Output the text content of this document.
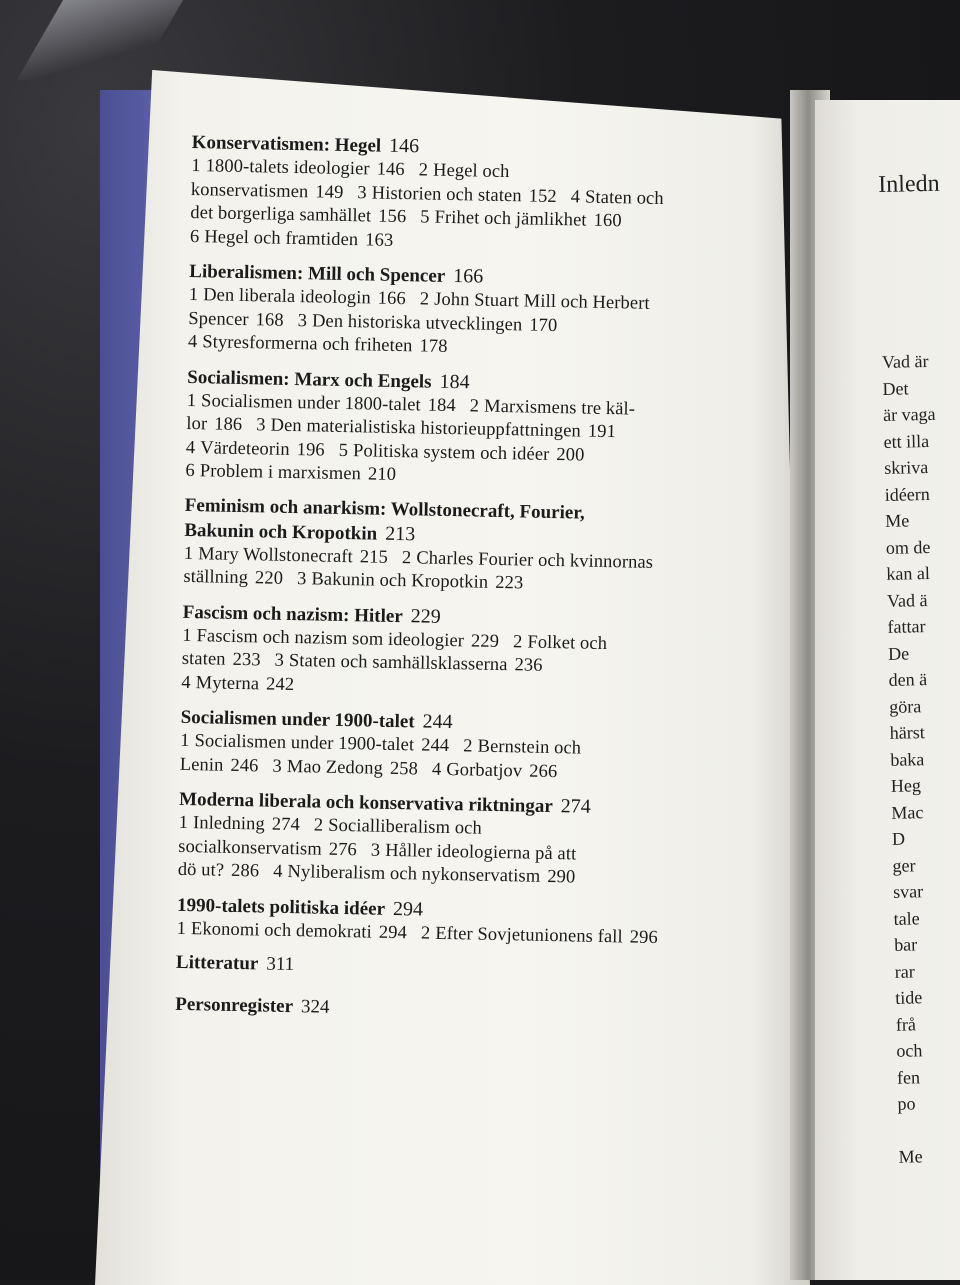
Konservatismen: Hegel 146
1 1800-talets ideologier 146 2 Hegel och
konservatismen 149 3 Historien och staten 152 4 Staten och
det borgerliga samhället 156 5 Frihet och jämlikhet 160
6 Hegel och framtiden 163
Liberalismen: Mill och Spencer 166
1 Den liberala ideologin 166 2 John Stuart Mill och Herbert
Spencer 168 3 Den historiska utvecklingen 170
4 Styresformerna och friheten 178
Socialismen: Marx och Engels 184
1 Socialismen under 1800-talet 184 2 Marxismens tre käl-
lor 186 3 Den materialistiska historieuppfattningen 191
4 Värdeteorin 196 5 Politiska system och idéer 200
6 Problem i marxismen 210
Feminism och anarkism: Wollstonecraft, Fourier,
Bakunin och Kropotkin 213
1 Mary Wollstonecraft 215 2 Charles Fourier och kvinnornas
ställning 220 3 Bakunin och Kropotkin 223
Fascism och nazism: Hitler 229
1 Fascism och nazism som ideologier 229 2 Folket och
staten 233 3 Staten och samhällsklasserna 236
4 Myterna 242
Socialismen under 1900-talet 244
1 Socialismen under 1900-talet 244 2 Bernstein och
Lenin 246 3 Mao Zedong 258 4 Gorbatjov 266
Moderna liberala och konservativa riktningar 274
1 Inledning 274 2 Socialliberalism och
socialkonservatism 276 3 Håller ideologierna på att
dö ut? 286 4 Nyliberalism och nykonservatism 290
1990-talets politiska idéer 294
1 Ekonomi och demokrati 294 2 Efter Sovjetunionens fall 296
Litteratur 311
Personregister 324
Inledn
Vad är
Det
är vaga
ett illa
skriva
idéern
Me
om de
kan al
Vad ä
fattar
De
den ä
göra
härst
baka
Heg
Mac
D
ger
svar
tale
bar
rar
tide
frå
och
fen
po

Me
